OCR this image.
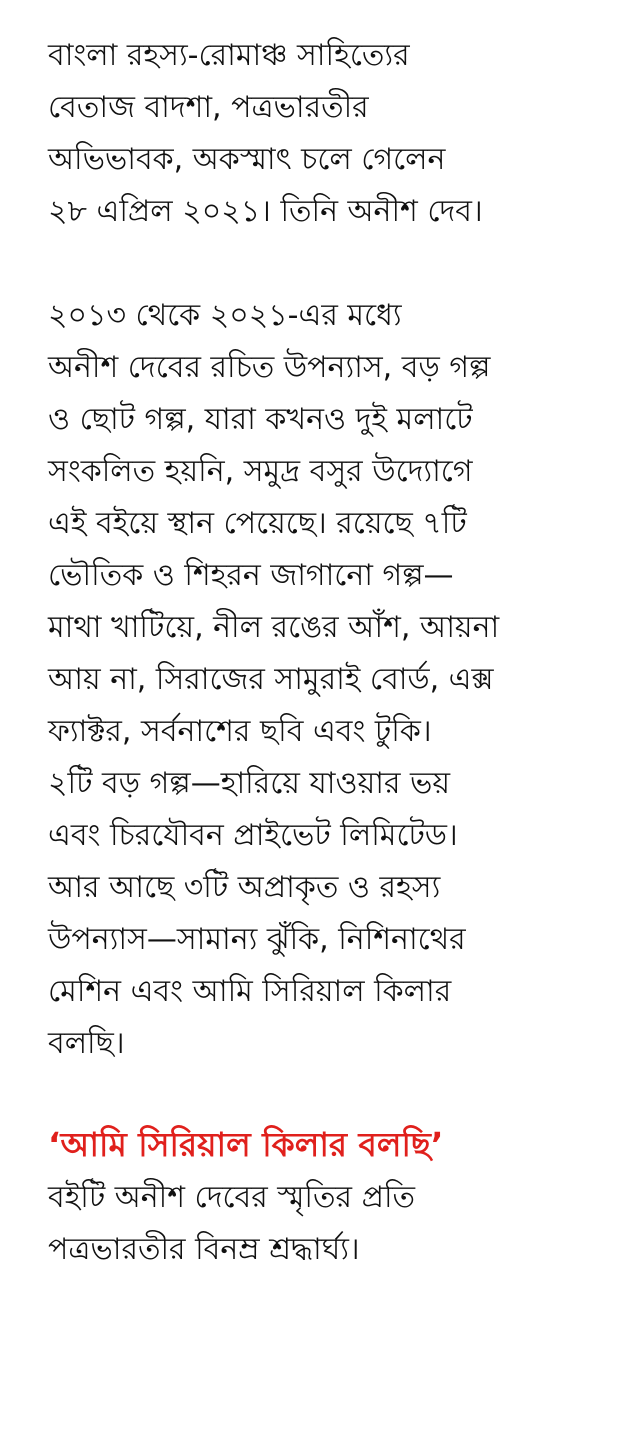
বাংলা রহস্য-রোমাঞ্চ সাহিত্যের
বেতাজ বাদশা, পত্রভারতীর
অভিভাবক, অকস্মাৎ চলে গেলেন
২৮ এপ্রিল ২০২১। তিনি অনীশ দেব।

২০১৩ থেকে ২০২১-এর মধ্যে
অনীশ দেবের রচিত উপন্যাস, বড় গল্প
ও ছোট গল্প, যারা কখনও দুই মলাটে
সংকলিত হয়নি, সমুদ্র বসুর উদ্যোগে
এই বইয়ে স্থান পেয়েছে। রয়েছে ৭টি
ভৌতিক ও শিহরন জাগানো গল্প—
মাথা খাটিয়ে, নীল রঙের আঁশ, আয়না
আয় না, সিরাজের সামুরাই বোর্ড, এক্স
ফ্যাক্টর, সর্বনাশের ছবি এবং টুকি।
২টি বড় গল্প—হারিয়ে যাওয়ার ভয়
এবং চিরযৌবন প্রাইভেট লিমিটেড।
আর আছে ৩টি অপ্রাকৃত ও রহস্য
উপন্যাস—সামান্য ঝুঁকি, নিশিনাথের
মেশিন এবং আমি সিরিয়াল কিলার
বলছি।

‘আমি সিরিয়াল কিলার বলছি’

বইটি অনীশ দেবের স্মৃতির প্রতি
পত্রভারতীর বিনম্র শ্রদ্ধার্ঘ্য।
